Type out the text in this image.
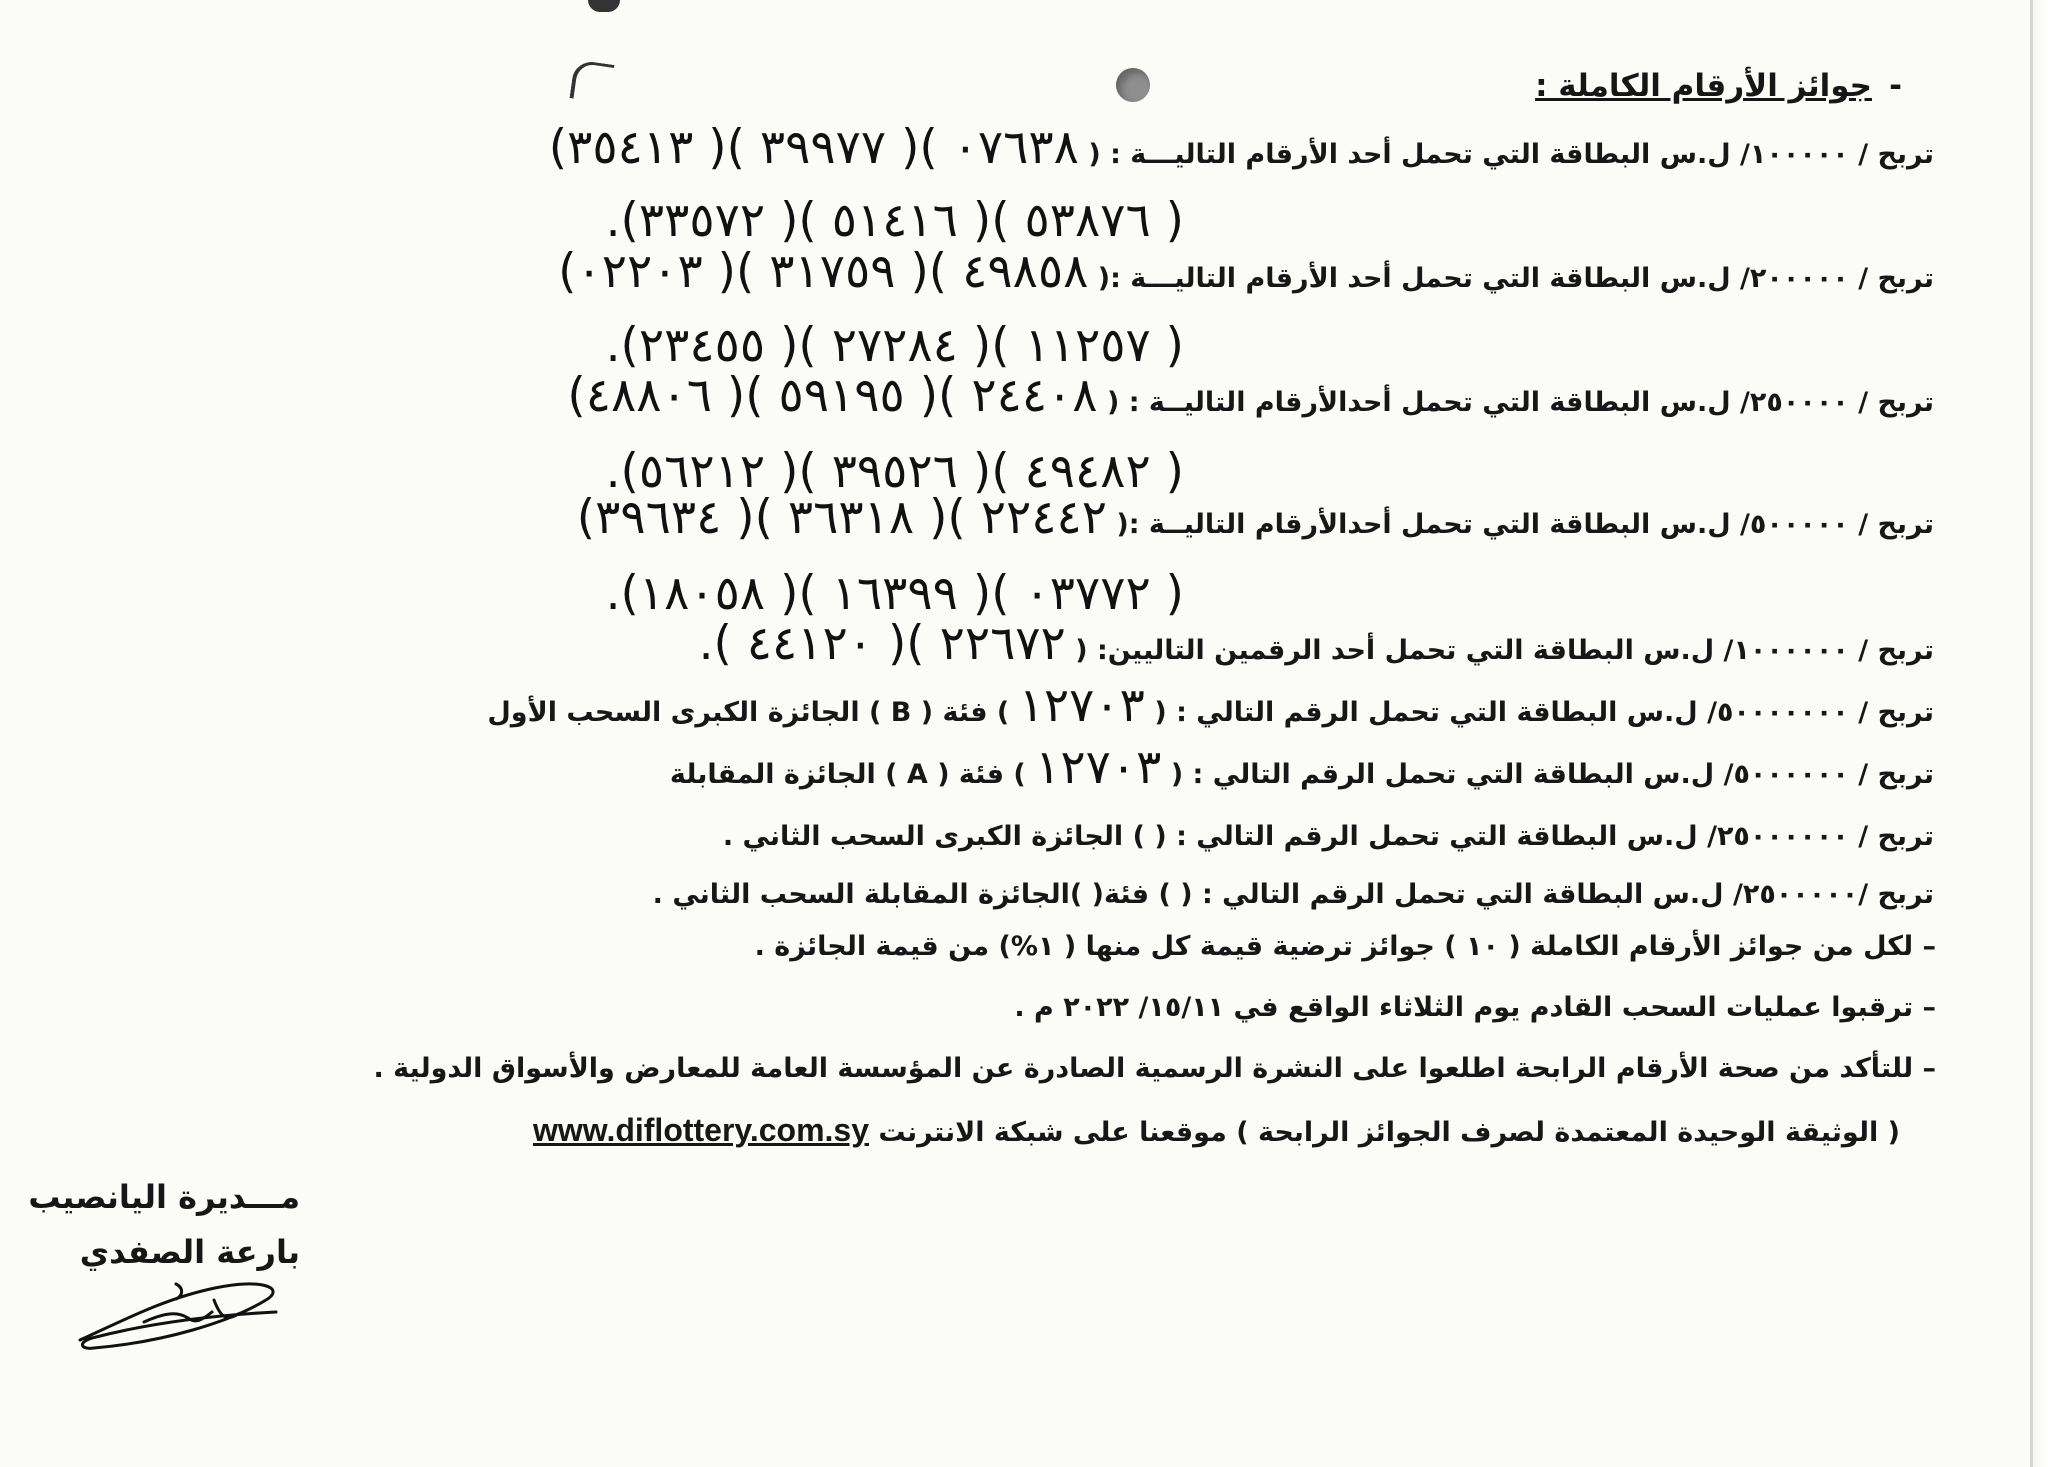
-
جوائز الأرقام الكاملة :
تربح / ١٠٠٠٠٠/ ل.س البطاقة التي تحمل أحد الأرقام التاليـــة : ( ٠٧٦٣٨ )( ٣٩٩٧٧ )( ٣٥٤١٣)
( ٥٣٨٧٦ )( ٥١٤١٦ )( ٣٣٥٧٢).
تربح / ٢٠٠٠٠٠/ ل.س البطاقة التي تحمل أحد الأرقام التاليـــة :( ٤٩٨٥٨ )( ٣١٧٥٩ )( ٠٢٢٠٣)
( ١١٢٥٧ )( ٢٧٢٨٤ )( ٢٣٤٥٥).
تربح / ٢٥٠٠٠٠/ ل.س البطاقة التي تحمل أحدالأرقام التاليــة : ( ٢٤٤٠٨ )( ٥٩١٩٥ )( ٤٨٨٠٦)
( ٤٩٤٨٢ )( ٣٩٥٢٦ )( ٥٦٢١٢).
تربح / ٥٠٠٠٠٠/ ل.س البطاقة التي تحمل أحدالأرقام التاليــة :( ٢٢٤٤٢ )( ٣٦٣١٨ )( ٣٩٦٣٤)
( ٠٣٧٧٢ )( ١٦٣٩٩ )( ١٨٠٥٨).
تربح / ١٠٠٠٠٠٠/ ل.س البطاقة التي تحمل أحد الرقمين التاليين: ( ٢٢٦٧٢ )( ٤٤١٢٠ ).
تربح / ٥٠٠٠٠٠٠٠/ ل.س البطاقة التي تحمل الرقم التالي : ( ١٢٧٠٣ ) فئة ( B ) الجائزة الكبرى السحب الأول
تربح / ٥٠٠٠٠٠٠/ ل.س البطاقة التي تحمل الرقم التالي : ( ١٢٧٠٣ ) فئة ( A ) الجائزة المقابلة
تربح / ٢٥٠٠٠٠٠٠/ ل.س البطاقة التي تحمل الرقم التالي : ( ) الجائزة الكبرى السحب الثاني .
تربح /٢٥٠٠٠٠٠/ ل.س البطاقة التي تحمل الرقم التالي : ( ) فئة( )الجائزة المقابلة السحب الثاني .
– لكل من جوائز الأرقام الكاملة ( ١٠ ) جوائز ترضية قيمة كل منها ( ١%) من قيمة الجائزة .
– ترقبوا عمليات السحب القادم يوم الثلاثاء الواقع في ١٥/١١/ ٢٠٢٢ م .
– للتأكد من صحة الأرقام الرابحة اطلعوا على النشرة الرسمية الصادرة عن المؤسسة العامة للمعارض والأسواق الدولية .
( الوثيقة الوحيدة المعتمدة لصرف الجوائز الرابحة ) موقعنا على شبكة الانترنت www.diflottery.com.sy
مـــديرة اليانصيب
بارعة الصفدي
